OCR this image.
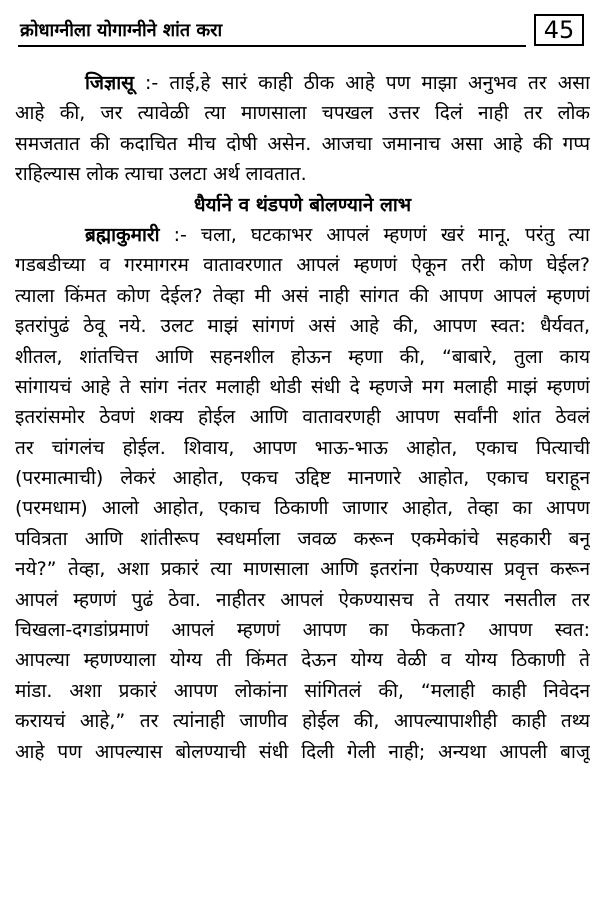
क्रोधाग्नीला योगाग्नीने शांत करा	45
जिज्ञासू :- ताई,हे सारं काही ठीक आहे पण माझा अनुभव तर असा
आहे की, जर त्यावेळी त्या माणसाला चपखल उत्तर दिलं नाही तर लोक
समजतात की कदाचित मीच दोषी असेन. आजचा जमानाच असा आहे की गप्प
राहिल्यास लोक त्याचा उलटा अर्थ लावतात.
धैर्याने व थंडपणे बोलण्याने लाभ
ब्रह्माकुमारी :- चला, घटकाभर आपलं म्हणणं खरं मानू. परंतु त्या
गडबडीच्या व गरमागरम वातावरणात आपलं म्हणणं ऐकून तरी कोण घेईल?
त्याला किंमत कोण देईल? तेव्हा मी असं नाही सांगत की आपण आपलं म्हणणं
इतरांपुढं ठेवू नये. उलट माझं सांगणं असं आहे की, आपण स्वत: धैर्यवत,
शीतल, शांतचित्त आणि सहनशील होऊन म्हणा की, “बाबारे, तुला काय
सांगायचं आहे ते सांग नंतर मलाही थोडी संधी दे म्हणजे मग मलाही माझं म्हणणं
इतरांसमोर ठेवणं शक्य होईल आणि वातावरणही आपण सर्वांनी शांत ठेवलं
तर चांगलंच होईल. शिवाय, आपण भाऊ-भाऊ आहोत, एकाच पित्याची
(परमात्माची) लेकरं आहोत, एकच उद्दिष्ट मानणारे आहोत, एकाच घराहून
(परमधाम) आलो आहोत, एकाच ठिकाणी जाणार आहोत, तेव्हा का आपण
पवित्रता आणि शांतीरूप स्वधर्माला जवळ करून एकमेकांचे सहकारी बनू
नये?” तेव्हा, अशा प्रकारं त्या माणसाला आणि इतरांना ऐकण्यास प्रवृत्त करून
आपलं म्हणणं पुढं ठेवा. नाहीतर आपलं ऐकण्यासच ते तयार नसतील तर
चिखला-दगडांप्रमाणं आपलं म्हणणं आपण का फेकता? आपण स्वत:
आपल्या म्हणण्याला योग्य ती किंमत देऊन योग्य वेळी व योग्य ठिकाणी ते
मांडा. अशा प्रकारं आपण लोकांना सांगितलं की, “मलाही काही निवेदन
करायचं आहे,” तर त्यांनाही जाणीव होईल की, आपल्यापाशीही काही तथ्य
आहे पण आपल्यास बोलण्याची संधी दिली गेली नाही; अन्यथा आपली बाजू
